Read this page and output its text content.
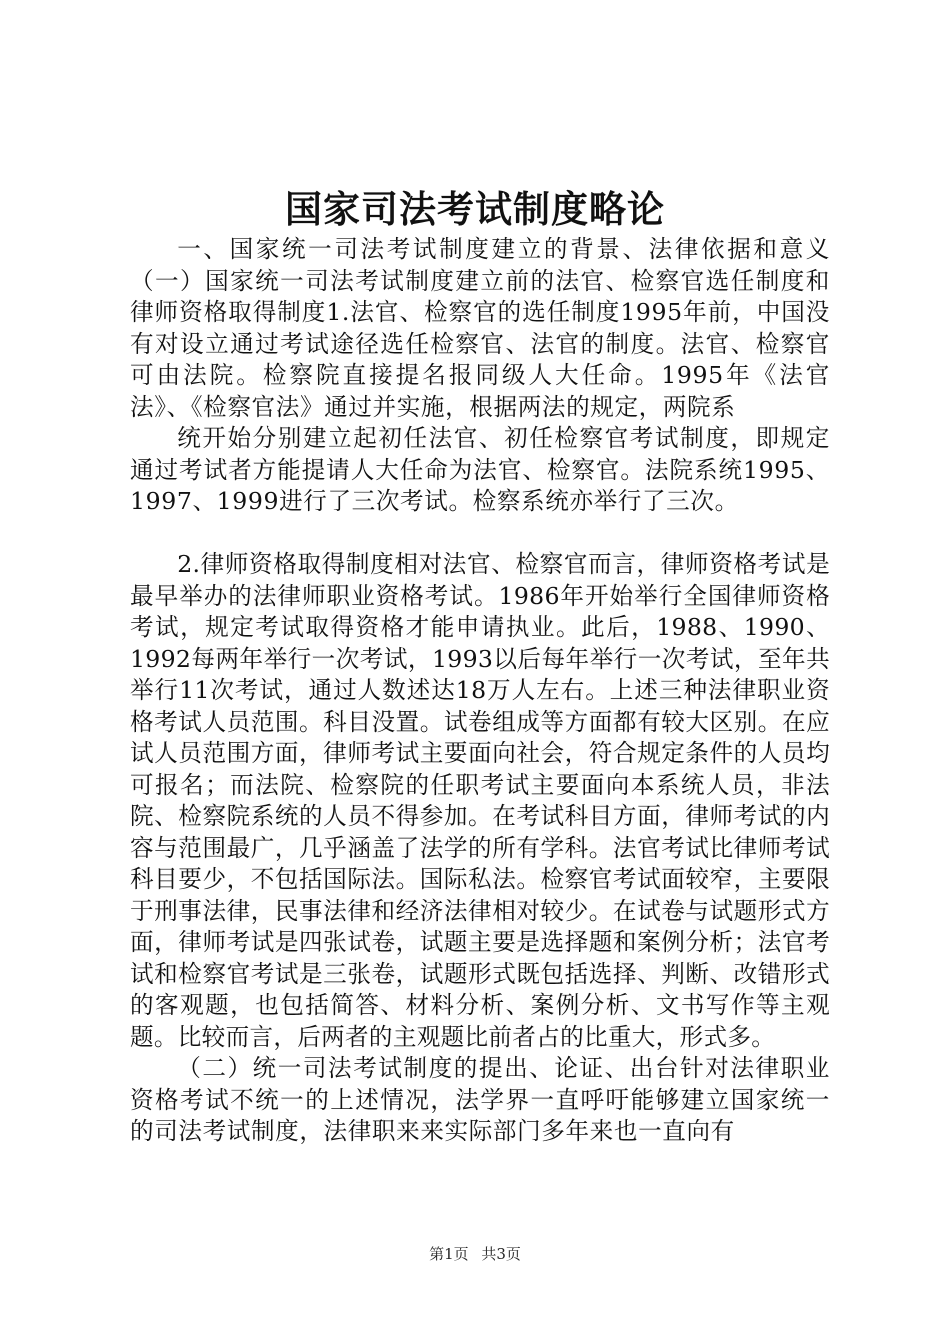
国家司法考试制度略论

一、国家统一司法考试制度建立的背景、法律依据和意义（一）国家统一司法考试制度建立前的法官、检察官选任制度和律师资格取得制度1.法官、检察官的选任制度1995年前，中国没有对设立通过考试途径选任检察官、法官的制度。法官、检察官可由法院。检察院直接提名报同级人大任命。1995年《法官法》、《检察官法》通过并实施，根据两法的规定，两院系

统开始分别建立起初任法官、初任检察官考试制度，即规定通过考试者方能提请人大任命为法官、检察官。法院系统1995、1997、1999进行了三次考试。检察系统亦举行了三次。

2.律师资格取得制度相对法官、检察官而言，律师资格考试是最早举办的法律师职业资格考试。1986年开始举行全国律师资格考试，规定考试取得资格才能申请执业。此后，1988、1990、1992每两年举行一次考试，1993以后每年举行一次考试，至年共举行11次考试，通过人数述达18万人左右。上述三种法律职业资格考试人员范围。科目没置。试卷组成等方面都有较大区别。在应试人员范围方面，律师考试主要面向社会，符合规定条件的人员均可报名；而法院、检察院的任职考试主要面向本系统人员，非法院、检察院系统的人员不得参加。在考试科目方面，律师考试的内容与范围最广，几乎涵盖了法学的所有学科。法官考试比律师考试科目要少，不包括国际法。国际私法。检察官考试面较窄，主要限于刑事法律，民事法律和经济法律相对较少。在试卷与试题形式方面，律师考试是四张试卷，试题主要是选择题和案例分析；法官考试和检察官考试是三张卷，试题形式既包括选择、判断、改错形式的客观题，也包括简答、材料分析、案例分析、文书写作等主观题。比较而言，后两者的主观题比前者占的比重大，形式多。

（二）统一司法考试制度的提出、论证、出台针对法律职业资格考试不统一的上述情况，法学界一直呼吁能够建立国家统一的司法考试制度，法律职来来实际部门多年来也一直向有

第1页 共3页
